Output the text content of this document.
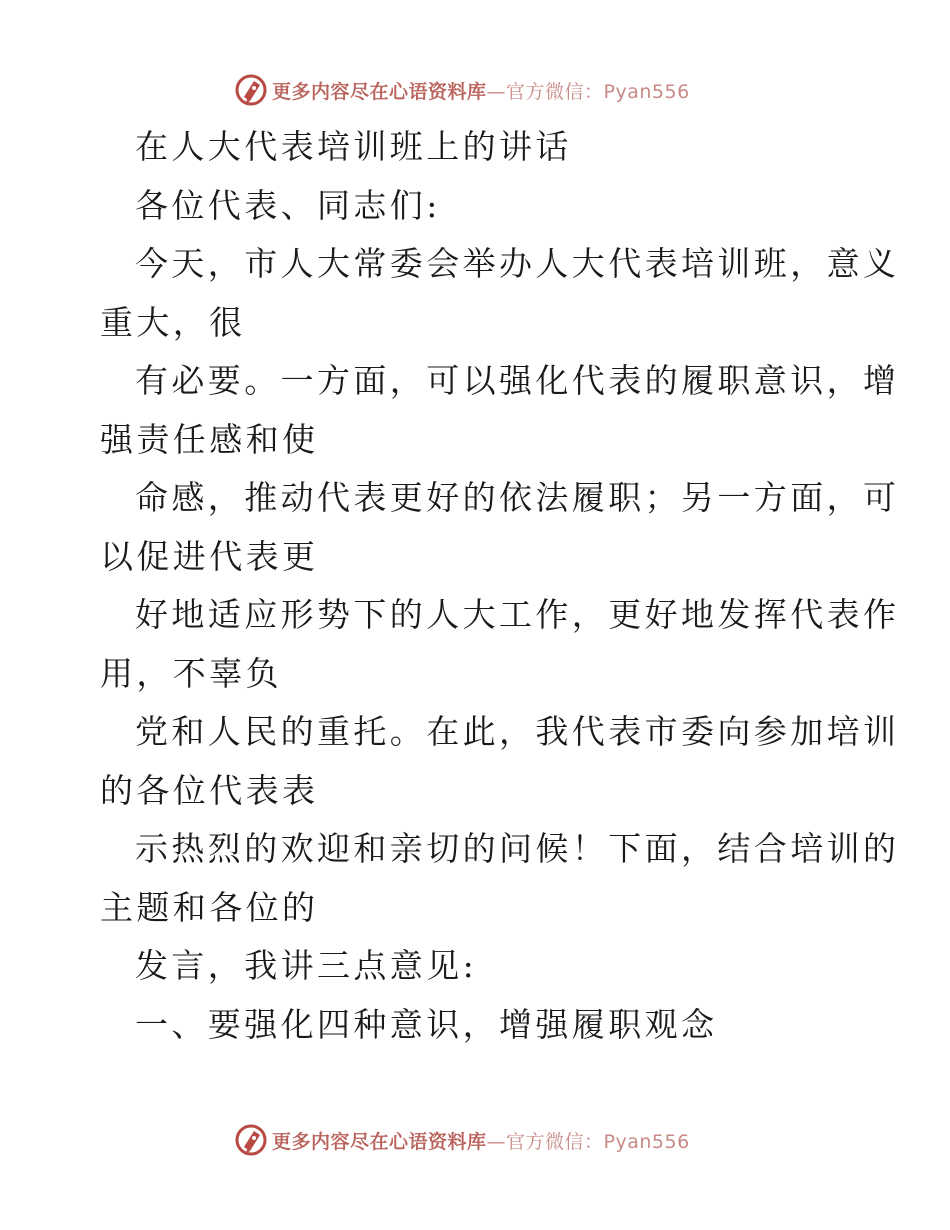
更多内容尽在心语资料库—官方微信：Pyan556
在人大代表培训班上的讲话
各位代表、同志们:
今天，市人大常委会举办人大代表培训班，意义
重大，很
有必要。一方面，可以强化代表的履职意识，增
强责任感和使
命感，推动代表更好的依法履职；另一方面，可
以促进代表更
好地适应形势下的人大工作，更好地发挥代表作
用，不辜负
党和人民的重托。在此，我代表市委向参加培训
的各位代表表
示热烈的欢迎和亲切的问候！下面，结合培训的
主题和各位的
发言，我讲三点意见:
一、要强化四种意识，增强履职观念
更多内容尽在心语资料库—官方微信：Pyan556
